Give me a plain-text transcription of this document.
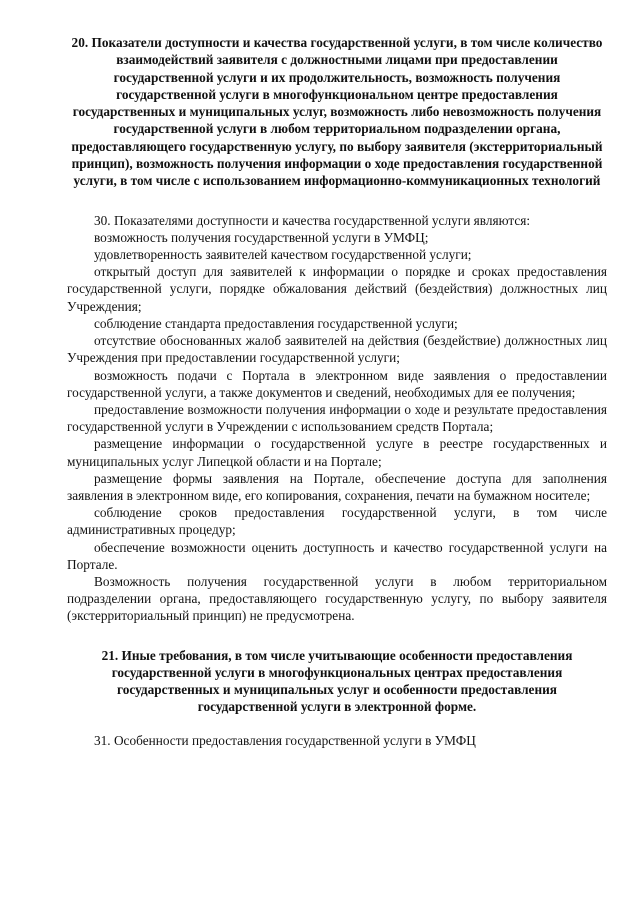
20. Показатели доступности и качества государственной услуги, в том числе количество взаимодействий заявителя с должностными лицами при предоставлении государственной услуги и их продолжительность, возможность получения государственной услуги в многофункциональном центре предоставления государственных и муниципальных услуг, возможность либо невозможность получения государственной услуги в любом территориальном подразделении органа, предоставляющего государственную услугу, по выбору заявителя (экстерриториальный принцип), возможность получения информации о ходе предоставления государственной услуги, в том числе с использованием информационно-коммуникационных технологий

30. Показателями доступности и качества государственной услуги являются:

возможность получения государственной услуги в УМФЦ;

удовлетворенность заявителей качеством государственной услуги;

открытый доступ для заявителей к информации о порядке и сроках предоставления государственной услуги, порядке обжалования действий (бездействия) должностных лиц Учреждения;

соблюдение стандарта предоставления государственной услуги;

отсутствие обоснованных жалоб заявителей на действия (бездействие) должностных лиц Учреждения при предоставлении государственной услуги;

возможность подачи с Портала в электронном виде заявления о предоставлении государственной услуги, а также документов и сведений, необходимых для ее получения;

предоставление возможности получения информации о ходе и результате предоставления государственной услуги в Учреждении с использованием средств Портала;

размещение информации о государственной услуге в реестре государственных и муниципальных услуг Липецкой области и на Портале;

размещение формы заявления на Портале, обеспечение доступа для заполнения заявления в электронном виде, его копирования, сохранения, печати на бумажном носителе;

соблюдение сроков предоставления государственной услуги, в том числе административных процедур;

обеспечение возможности оценить доступность и качество государственной услуги на Портале.

Возможность получения государственной услуги в любом территориальном подразделении органа, предоставляющего государственную услугу, по выбору заявителя (экстерриториальный принцип) не предусмотрена.

21. Иные требования, в том числе учитывающие особенности предоставления государственной услуги в многофункциональных центрах предоставления государственных и муниципальных услуг и особенности предоставления государственной услуги в электронной форме.

31. Особенности предоставления государственной услуги в УМФЦ
